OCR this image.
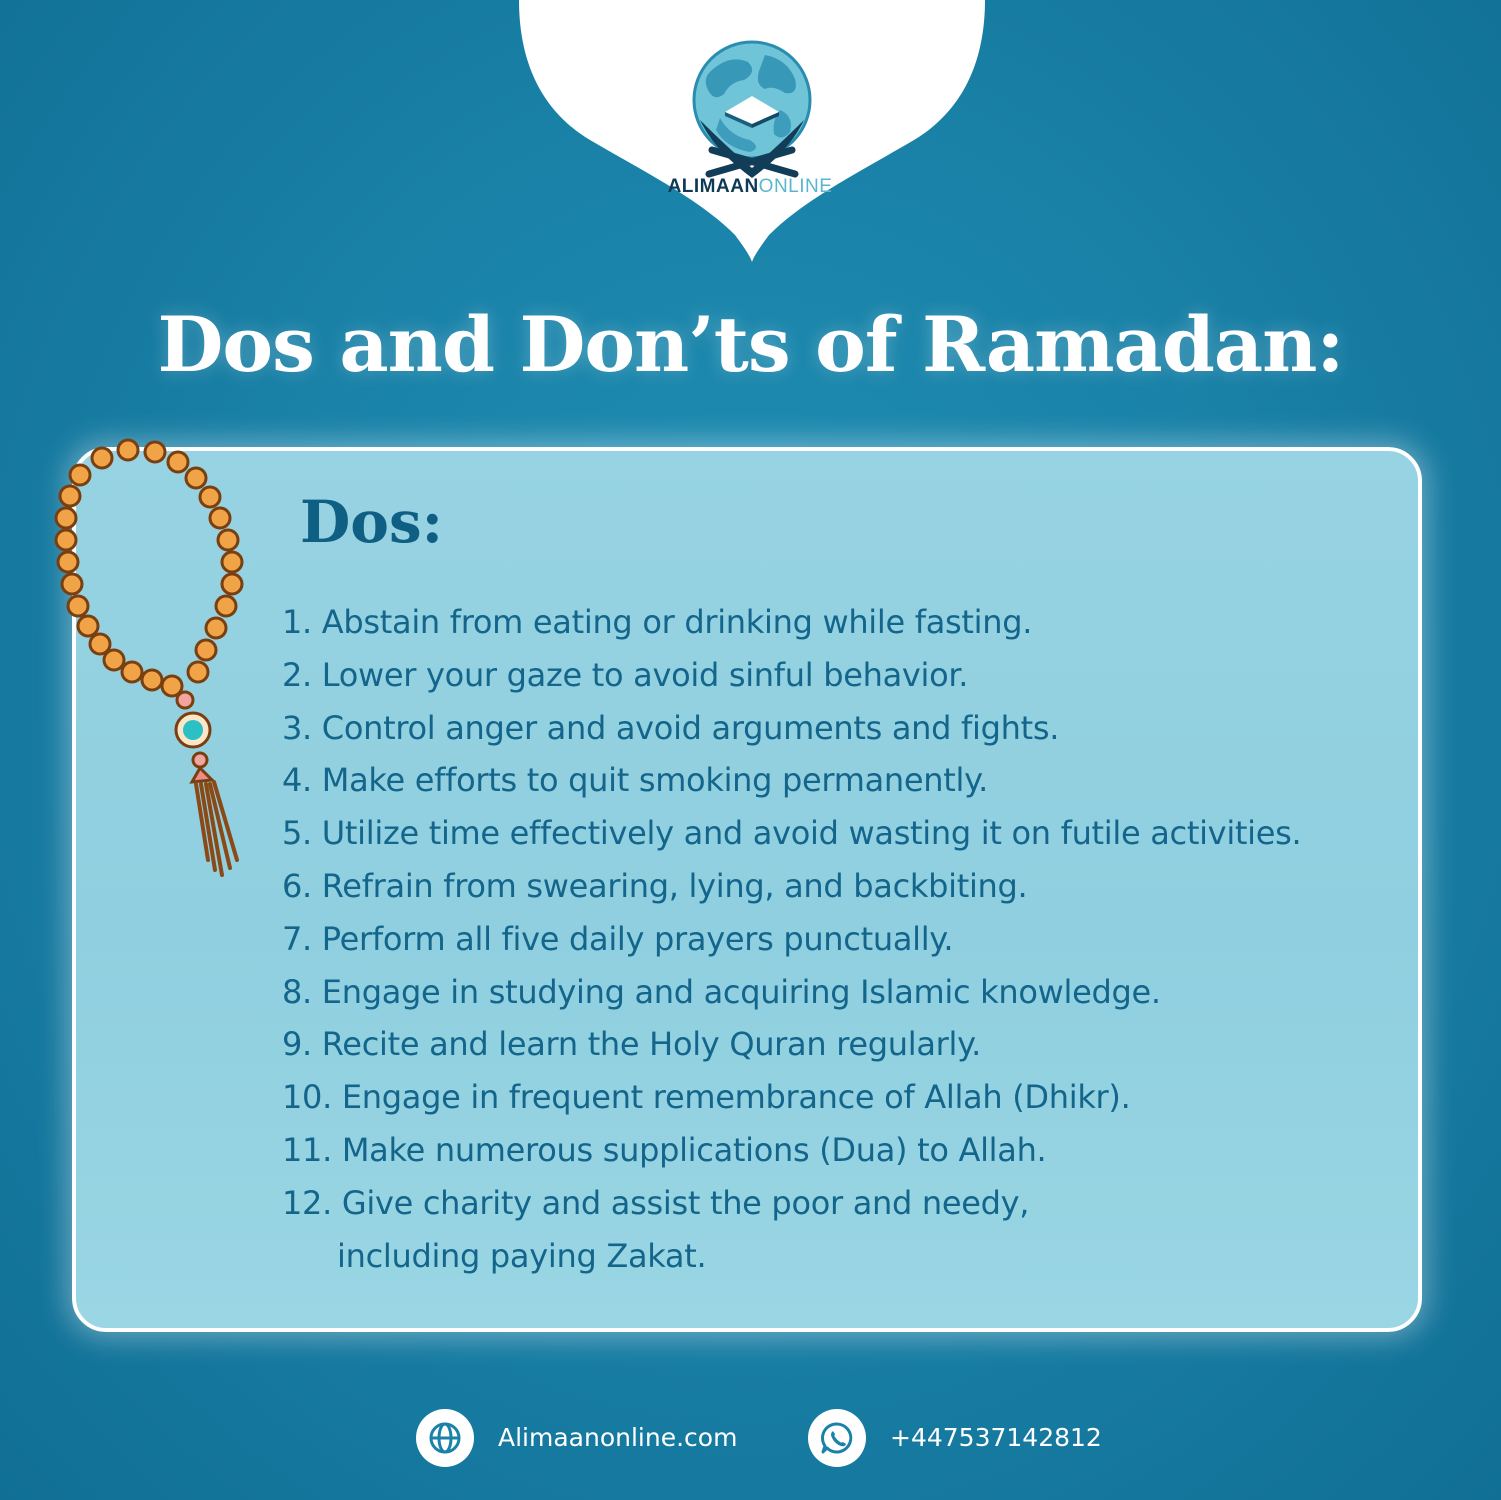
ALIMAANONLINE
Dos and Don’ts of Ramadan:
Dos:
1. Abstain from eating or drinking while fasting.
2. Lower your gaze to avoid sinful behavior.
3. Control anger and avoid arguments and fights.
4. Make efforts to quit smoking permanently.
5. Utilize time effectively and avoid wasting it on futile activities.
6. Refrain from swearing, lying, and backbiting.
7. Perform all five daily prayers punctually.
8. Engage in studying and acquiring Islamic knowledge.
9. Recite and learn the Holy Quran regularly.
10. Engage in frequent remembrance of Allah (Dhikr).
11. Make numerous supplications (Dua) to Allah.
12. Give charity and assist the poor and needy,
including paying Zakat.
Alimaanonline.com	+447537142812
